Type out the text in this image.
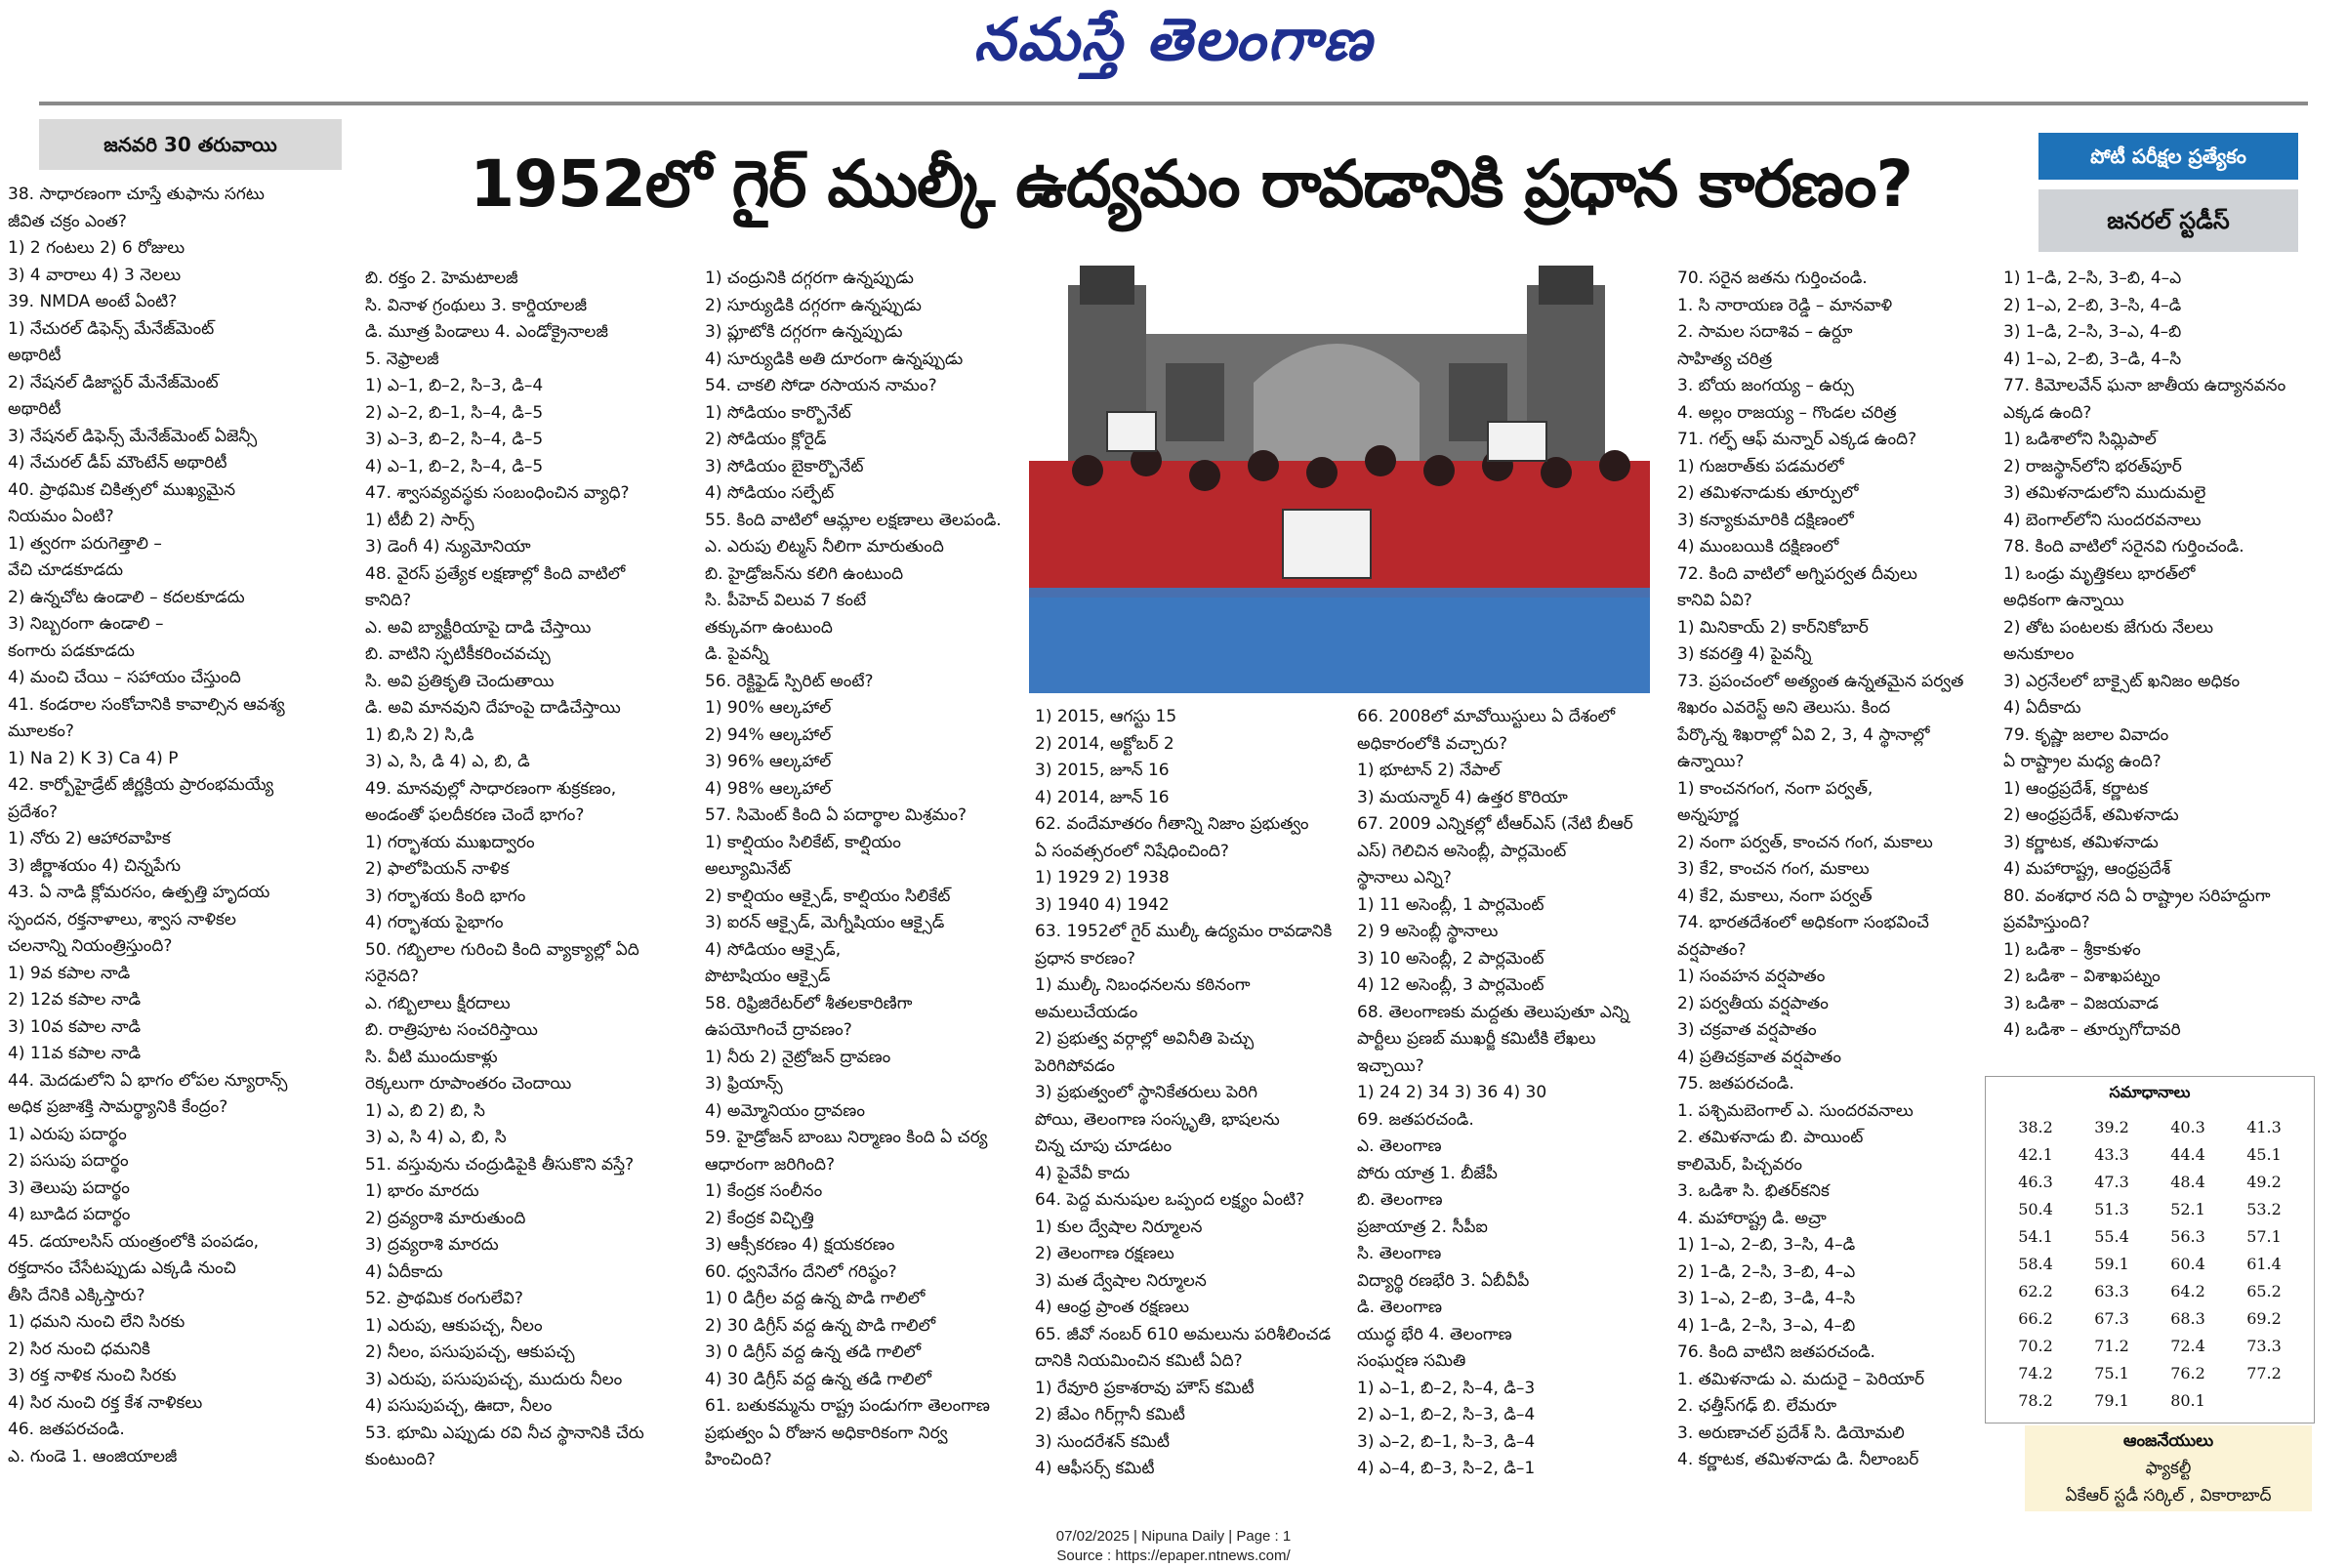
నమస్తే తెలంగాణ
జనవరి 30 తరువాయి
1952లో గైర్ ముల్కీ ఉద్యమం రావడానికి ప్రధాన కారణం?	పోటీ పరీక్షల ప్రత్యేకం
జనరల్ స్టడీస్
38. సాధారణంగా చూస్తే తుఫాను సగటు
జీవిత చక్రం ఎంత?
1) 2 గంటలు 2) 6 రోజులు
3) 4 వారాలు 4) 3 నెలలు
39. NMDA అంటే ఏంటి?
1) నేచురల్ డిఫెన్స్ మేనేజ్‌మెంట్
అథారిటీ
2) నేషనల్ డిజాస్టర్ మేనేజ్‌మెంట్
అథారిటీ
3) నేషనల్ డిఫెన్స్ మేనేజ్‌మెంట్ ఏజెన్సీ
4) నేచురల్ డీప్ మౌంటేన్ అథారిటీ
40. ప్రాథమిక చికిత్సలో ముఖ్యమైన
నియమం ఏంటి?
1) త్వరగా పరుగెత్తాలి –
వేచి చూడకూడదు
2) ఉన్నచోట ఉండాలి – కదలకూడదు
3) నిబ్బరంగా ఉండాలి –
కంగారు పడకూడదు
4) మంచి చేయి – సహాయం చేస్తుంది
41. కండరాల సంకోచానికి కావాల్సిన ఆవశ్య
మూలకం?
1) Na 2) K 3) Ca 4) P
42. కార్బోహైడ్రేట్ జీర్ణక్రియ ప్రారంభమయ్యే
ప్రదేశం?
1) నోరు 2) ఆహారవాహిక
3) జీర్ణాశయం 4) చిన్నపేగు
43. ఏ నాడి క్లోమరసం, ఉత్పత్తి హృదయ
స్పందన, రక్తనాళాలు, శ్వాస నాళికల
చలనాన్ని నియంత్రిస్తుంది?
1) 9వ కపాల నాడి
2) 12వ కపాల నాడి
3) 10వ కపాల నాడి
4) 11వ కపాల నాడి
44. మెదడులోని ఏ భాగం లోపల న్యూరాన్స్
అధిక ప్రజాశక్తి సామర్థ్యానికి కేంద్రం?
1) ఎరుపు పదార్థం
2) పసుపు పదార్థం
3) తెలుపు పదార్థం
4) బూడిద పదార్థం
45. డయాలసిస్ యంత్రంలోకి పంపడం,
రక్తదానం చేసేటప్పుడు ఎక్కడి నుంచి
తీసి దేనికి ఎక్కిస్తారు?
1) ధమని నుంచి లేని సిరకు
2) సిర నుంచి ధమనికి
3) రక్త నాళిక నుంచి సిరకు
4) సిర నుంచి రక్త కేశ నాళికలు
46. జతపరచండి.
ఎ. గుండె 1. ఆంజియాలజీ
బి. రక్తం 2. హెమటాలజీ
సి. వినాళ గ్రంథులు 3. కార్డియాలజీ
డి. మూత్ర పిండాలు 4. ఎండోక్రైనాలజీ
5. నెఫ్రాలజీ
1) ఎ–1, బి–2, సి–3, డి–4
2) ఎ–2, బి–1, సి–4, డి–5
3) ఎ–3, బి–2, సి–4, డి–5
4) ఎ–1, బి–2, సి–4, డి–5
47. శ్వాసవ్యవస్థకు సంబంధించిన వ్యాధి?
1) టీబీ 2) సార్స్
3) డెంగీ 4) న్యుమోనియా
48. వైరస్ ప్రత్యేక లక్షణాల్లో కింది వాటిలో
కానిది?
ఎ. అవి బ్యాక్టీరియాపై దాడి చేస్తాయి
బి. వాటిని స్ఫటికీకరించవచ్చు
సి. అవి ప్రతికృతి చెందుతాయి
డి. అవి మానవుని దేహంపై దాడిచేస్తాయి
1) బి,సి 2) సి,డి
3) ఎ, సి, డి 4) ఎ, బి, డి
49. మానవుల్లో సాధారణంగా శుక్రకణం,
అండంతో ఫలదీకరణ చెందే భాగం?
1) గర్భాశయ ముఖద్వారం
2) ఫాలోపియన్ నాళిక
3) గర్భాశయ కింది భాగం
4) గర్భాశయ పైభాగం
50. గబ్బిలాల గురించి కింది వ్యాక్యాల్లో ఏది
సరైనది?
ఎ. గబ్బిలాలు క్షీరదాలు
బి. రాత్రిపూట సంచరిస్తాయి
సి. వీటి ముందుకాళ్లు
రెక్కలుగా రూపాంతరం చెందాయి
1) ఎ, బి 2) బి, సి
3) ఎ, సి 4) ఎ, బి, సి
51. వస్తువును చంద్రుడిపైకి తీసుకొని వస్తే?
1) భారం మారదు
2) ద్రవ్యరాశి మారుతుంది
3) ద్రవ్యరాశి మారదు
4) ఏదీకాదు
52. ప్రాథమిక రంగులేవి?
1) ఎరుపు, ఆకుపచ్చ, నీలం
2) నీలం, పసుపుపచ్చ, ఆకుపచ్చ
3) ఎరుపు, పసుపుపచ్చ, ముదురు నీలం
4) పసుపుపచ్చ, ఊదా, నీలం
53. భూమి ఎప్పుడు రవి నీచ స్థానానికి చేరు
కుంటుంది?
1) చంద్రునికి దగ్గరగా ఉన్నప్పుడు
2) సూర్యుడికి దగ్గరగా ఉన్నప్పుడు
3) ప్లూటోకి దగ్గరగా ఉన్నప్పుడు
4) సూర్యుడికి అతి దూరంగా ఉన్నప్పుడు
54. చాకలి సోడా రసాయన నామం?
1) సోడియం కార్బొనేట్
2) సోడియం క్లోరైడ్
3) సోడియం బైకార్బొనేట్
4) సోడియం సల్ఫేట్
55. కింది వాటిలో ఆమ్లాల లక్షణాలు తెలపండి.
ఎ. ఎరుపు లిట్మస్ నీలిగా మారుతుంది
బి. హైడ్రోజన్‌ను కలిగి ఉంటుంది
సి. పీహెచ్ విలువ 7 కంటే
తక్కువగా ఉంటుంది
డి. పైవన్నీ
56. రెక్టిఫైడ్ స్పిరిట్ అంటే?
1) 90% ఆల్కహాల్
2) 94% ఆల్కహాల్
3) 96% ఆల్కహాల్
4) 98% ఆల్కహాల్
57. సిమెంట్ కింది ఏ పదార్థాల మిశ్రమం?
1) కాల్షియం సిలికేట్, కాల్షియం
అల్యూమినేట్
2) కాల్షియం ఆక్సైడ్, కాల్షియం సిలికేట్
3) ఐరన్ ఆక్సైడ్, మెగ్నీషియం ఆక్సైడ్
4) సోడియం ఆక్సైడ్,
పొటాషియం ఆక్సైడ్
58. రిఫ్రిజిరేటర్‌లో శీతలకారిణిగా
ఉపయోగించే ద్రావణం?
1) నీరు 2) నైట్రోజన్ ద్రావణం
3) ఫ్రియాన్స్
4) అమ్మోనియం ద్రావణం
59. హైడ్రోజన్ బాంబు నిర్మాణం కింది ఏ చర్య
ఆధారంగా జరిగింది?
1) కేంద్రక సంలీనం
2) కేంద్రక విచ్ఛిత్తి
3) ఆక్సీకరణం 4) క్షయకరణం
60. ధ్వనివేగం దేనిలో గరిష్ఠం?
1) 0 డిగ్రీల వద్ద ఉన్న పొడి గాలిలో
2) 30 డిగ్రీస్ వద్ద ఉన్న పొడి గాలిలో
3) 0 డిగ్రీస్ వద్ద ఉన్న తడి గాలిలో
4) 30 డిగ్రీస్ వద్ద ఉన్న తడి గాలిలో
61. బతుకమ్మను రాష్ట్ర పండుగగా తెలంగాణ
ప్రభుత్వం ఏ రోజున అధికారికంగా నిర్వ
హించింది?
1) 2015, ఆగస్టు 15
2) 2014, అక్టోబర్ 2
3) 2015, జూన్ 16
4) 2014, జూన్ 16
62. వందేమాతరం గీతాన్ని నిజాం ప్రభుత్వం
ఏ సంవత్సరంలో నిషేధించింది?
1) 1929 2) 1938
3) 1940 4) 1942
63. 1952లో గైర్ ముల్కీ ఉద్యమం రావడానికి
ప్రధాన కారణం?
1) ముల్కీ నిబంధనలను కఠినంగా
అమలుచేయడం
2) ప్రభుత్వ వర్గాల్లో అవినీతి పెచ్చు
పెరిగిపోవడం
3) ప్రభుత్వంలో స్థానికేతరులు పెరిగి
పోయి, తెలంగాణ సంస్కృతి, భాషలను
చిన్న చూపు చూడటం
4) పైవేవీ కాదు
64. పెద్ద మనుషుల ఒప్పంద లక్ష్యం ఏంటి?
1) కుల ద్వేషాల నిర్మూలన
2) తెలంగాణ రక్షణలు
3) మత ద్వేషాల నిర్మూలన
4) ఆంధ్ర ప్రాంత రక్షణలు
65. జీవో నంబర్ 610 అమలును పరిశీలించడ
దానికి నియమించిన కమిటీ ఏది?
1) రేవూరి ప్రకాశరావు హౌస్ కమిటీ
2) జేఎం గిర్‌గ్లానీ కమిటీ
3) సుందరేశన్ కమిటీ
4) ఆఫీసర్స్ కమిటీ
66. 2008లో మావోయిస్టులు ఏ దేశంలో
అధికారంలోకి వచ్చారు?
1) భూటాన్ 2) నేపాల్
3) మయన్మార్ 4) ఉత్తర కొరియా
67. 2009 ఎన్నికల్లో టీఆర్ఎస్ (నేటి బీఆర్
ఎస్) గెలిచిన అసెంబ్లీ, పార్లమెంట్
స్థానాలు ఎన్ని?
1) 11 అసెంబ్లీ, 1 పార్లమెంట్
2) 9 అసెంబ్లీ స్థానాలు
3) 10 అసెంబ్లీ, 2 పార్లమెంట్
4) 12 అసెంబ్లీ, 3 పార్లమెంట్
68. తెలంగాణకు మద్దతు తెలుపుతూ ఎన్ని
పార్టీలు ప్రణబ్ ముఖర్జీ కమిటీకి లేఖలు
ఇచ్చాయి?
1) 24 2) 34 3) 36 4) 30
69. జతపరచండి.
ఎ. తెలంగాణ
పోరు యాత్ర 1. బీజేపీ
బి. తెలంగాణ
ప్రజాయాత్ర 2. సీపీఐ
సి. తెలంగాణ
విద్యార్థి రణభేరి 3. ఏబీవీపీ
డి. తెలంగాణ
యుద్ధ భేరి 4. తెలంగాణ
సంఘర్షణ సమితి
1) ఎ–1, బి–2, సి–4, డి–3
2) ఎ–1, బి–2, సి–3, డి–4
3) ఎ–2, బి–1, సి–3, డి–4
4) ఎ–4, బి–3, సి–2, డి–1
70. సరైన జతను గుర్తించండి.
1. సి నారాయణ రెడ్డి – మానవాళి
2. సామల సదాశివ – ఉర్దూ
సాహిత్య చరిత్ర
3. బోయ జంగయ్య – ఉర్సు
4. అల్లం రాజయ్య – గొండల చరిత్ర
71. గల్ఫ్ ఆఫ్ మన్నార్ ఎక్కడ ఉంది?
1) గుజరాత్‌కు పడమరలో
2) తమిళనాడుకు తూర్పులో
3) కన్యాకుమారికి దక్షిణంలో
4) ముంబయికి దక్షిణంలో
72. కింది వాటిలో అగ్నిపర్వత దీవులు
కానివి ఏవి?
1) మినికాయ్ 2) కార్‌నికోబార్
3) కవరత్తి 4) పైవన్నీ
73. ప్రపంచంలో అత్యంత ఉన్నతమైన పర్వత
శిఖరం ఎవరెస్ట్ అని తెలుసు. కింద
పేర్కొన్న శిఖరాల్లో ఏవి 2, 3, 4 స్థానాల్లో
ఉన్నాయి?
1) కాంచనగంగ, నంగా పర్వత్,
అన్నపూర్ణ
2) నంగా పర్వత్, కాంచన గంగ, మకాలు
3) కే2, కాంచన గంగ, మకాలు
4) కే2, మకాలు, నంగా పర్వత్
74. భారతదేశంలో అధికంగా సంభవించే
వర్షపాతం?
1) సంవహన వర్షపాతం
2) పర్వతీయ వర్షపాతం
3) చక్రవాత వర్షపాతం
4) ప్రతిచక్రవాత వర్షపాతం
75. జతపరచండి.
1. పశ్చిమబెంగాల్ ఎ. సుందరవనాలు
2. తమిళనాడు బి. పాయింట్
కాలిమెర్, పిచ్చవరం
3. ఒడిశా సి. భితర్‌కనిక
4. మహారాష్ట్ర డి. అచ్రా
1) 1–ఎ, 2–బి, 3–సి, 4–డి
2) 1–డి, 2–సి, 3–బి, 4–ఎ
3) 1–ఎ, 2–బి, 3–డి, 4–సి
4) 1–డి, 2–సి, 3–ఎ, 4–బి
76. కింది వాటిని జతపరచండి.
1. తమిళనాడు ఎ. మదురై – పెరియార్
2. ఛత్తీస్‌గఢ్ బి. లేమరూ
3. అరుణాచల్ ప్రదేశ్ సి. డియోమలి
4. కర్ణాటక, తమిళనాడు డి. నీలాంబర్
1) 1–డి, 2–సి, 3–బి, 4–ఎ
2) 1–ఎ, 2–బి, 3–సి, 4–డి
3) 1–డి, 2–సి, 3–ఎ, 4–బి
4) 1–ఎ, 2–బి, 3–డి, 4–సి
77. కిమోలవేన్ ఘనా జాతీయ ఉద్యానవనం
ఎక్కడ ఉంది?
1) ఒడిశాలోని సిమ్లిపాల్
2) రాజస్థాన్‌లోని భరత్‌పూర్
3) తమిళనాడులోని ముదుమలై
4) బెంగాల్‌లోని సుందరవనాలు
78. కింది వాటిలో సరైనవి గుర్తించండి.
1) ఒండ్రు మృత్తికలు భారత్‌లో
అధికంగా ఉన్నాయి
2) తోట పంటలకు జేగురు నేలలు
అనుకూలం
3) ఎర్రనేలలో బాక్సైట్ ఖనిజం అధికం
4) ఏదీకాదు
79. కృష్ణా జలాల వివాదం
ఏ రాష్ట్రాల మధ్య ఉంది?
1) ఆంధ్రప్రదేశ్, కర్ణాటక
2) ఆంధ్రప్రదేశ్, తమిళనాడు
3) కర్ణాటక, తమిళనాడు
4) మహారాష్ట్ర, ఆంధ్రప్రదేశ్
80. వంశధార నది ఏ రాష్ట్రాల సరిహద్దుగా
ప్రవహిస్తుంది?
1) ఒడిశా – శ్రీకాకుళం
2) ఒడిశా – విశాఖపట్నం
3) ఒడిశా – విజయవాడ
4) ఒడిశా – తూర్పుగోదావరి
సమాధానాలు
38.2	39.2	40.3	41.3
42.1	43.3	44.4	45.1
46.3	47.3	48.4	49.2
50.4	51.3	52.1	53.2
54.1	55.4	56.3	57.1
58.4	59.1	60.4	61.4
62.2	63.3	64.2	65.2
66.2	67.3	68.3	69.2
70.2	71.2	72.4	73.3
74.2	75.1	76.2	77.2
78.2	79.1	80.1	
ఆంజనేయులు
ఫ్యాకల్టీ
ఏకేఆర్ స్టడీ సర్కిల్ , వికారాబాద్
07/02/2025 | Nipuna Daily | Page : 1
Source : https://epaper.ntnews.com/
